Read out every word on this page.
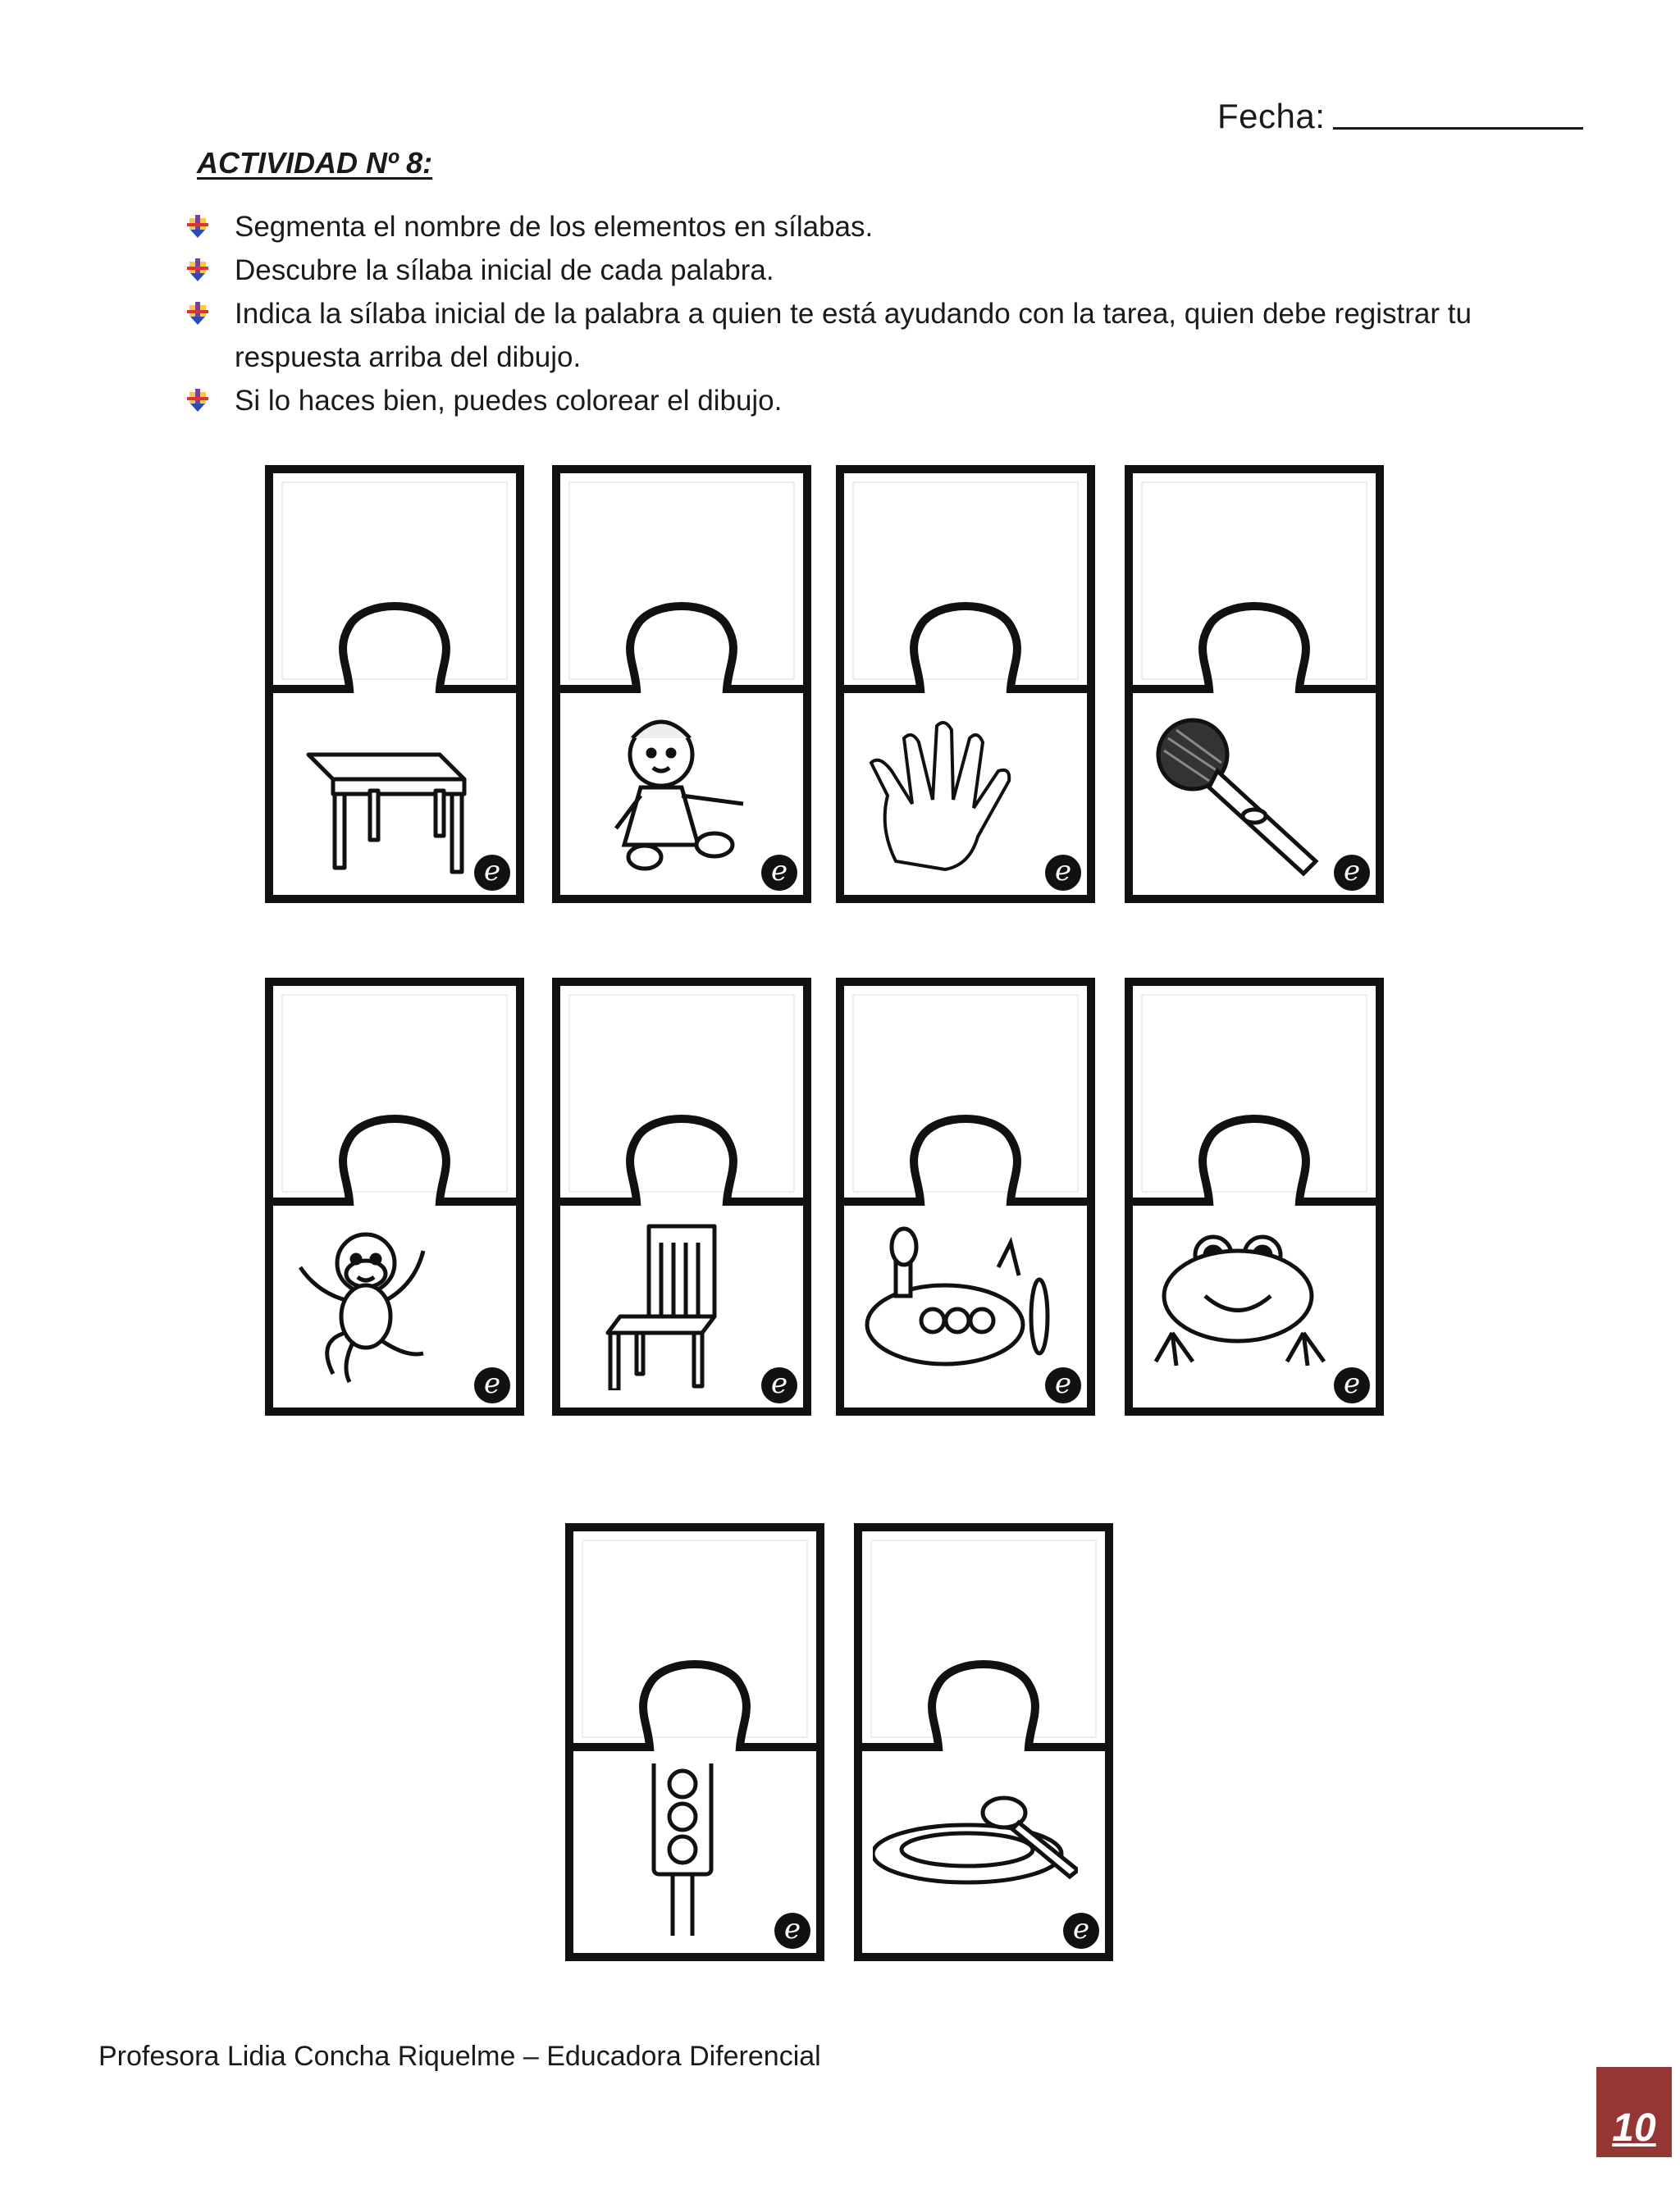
Fecha:
ACTIVIDAD Nº 8:
Segmenta el nombre de los elementos en sílabas.
Descubre la sílaba inicial de cada palabra.
Indica la sílaba inicial de la palabra a quien te está ayudando con la tarea, quien debe registrar tu respuesta arriba del dibujo.
Si lo haces bien, puedes colorear el dibujo.
e	e	e	e
e	e	e	e
e	e
Profesora Lidia Concha Riquelme – Educadora Diferencial
10
